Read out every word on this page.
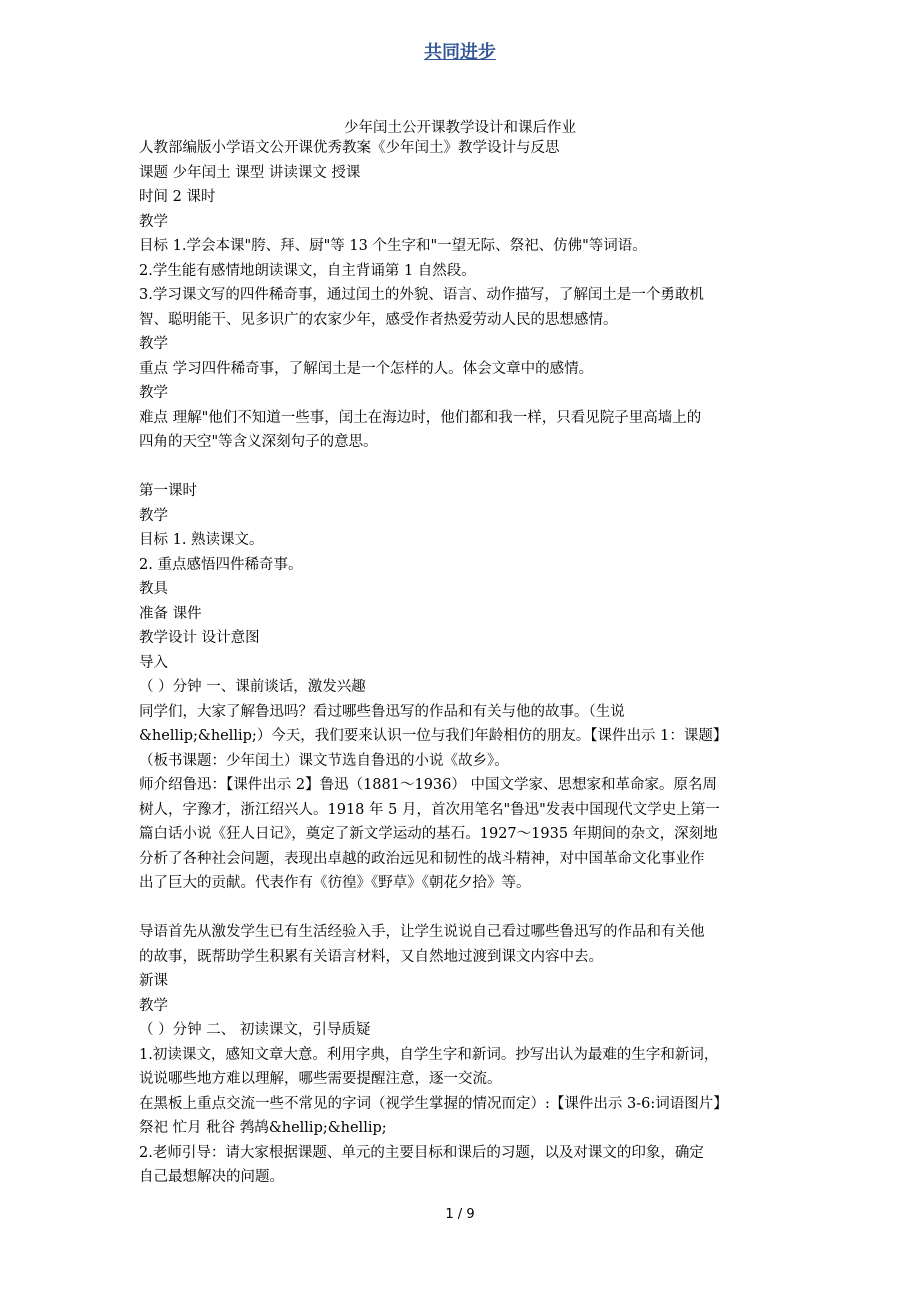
共同进步
少年闰土公开课教学设计和课后作业
人教部编版小学语文公开课优秀教案《少年闰土》教学设计与反思
课题 少年闰土 课型 讲读课文 授课
时间 2 课时
教学
目标 1.学会本课"胯、拜、厨"等 13 个生字和"一望无际、祭祀、仿佛"等词语。
2.学生能有感情地朗读课文，自主背诵第 1 自然段。
3.学习课文写的四件稀奇事，通过闰土的外貌、语言、动作描写，了解闰土是一个勇敢机
智、聪明能干、见多识广的农家少年，感受作者热爱劳动人民的思想感情。
教学
重点 学习四件稀奇事，了解闰土是一个怎样的人。体会文章中的感情。
教学
难点 理解"他们不知道一些事，闰土在海边时，他们都和我一样，只看见院子里高墙上的
四角的天空"等含义深刻句子的意思。
第一课时
教学
目标 1. 熟读课文。
2. 重点感悟四件稀奇事。
教具
准备 课件
教学设计 设计意图
导入
（ ）分钟 一、课前谈话，激发兴趣
同学们，大家了解鲁迅吗？看过哪些鲁迅写的作品和有关与他的故事。（生说
&hellip;&hellip;）今天，我们要来认识一位与我们年龄相仿的朋友。【课件出示 1：课题】
（板书课题：少年闰土）课文节选自鲁迅的小说《故乡》。
师介绍鲁迅：【课件出示 2】鲁迅（1881～1936） 中国文学家、思想家和革命家。原名周
树人，字豫才，浙江绍兴人。1918 年 5 月，首次用笔名"鲁迅"发表中国现代文学史上第一
篇白话小说《狂人日记》，奠定了新文学运动的基石。1927～1935 年期间的杂文，深刻地
分析了各种社会问题，表现出卓越的政治远见和韧性的战斗精神，对中国革命文化事业作
出了巨大的贡献。代表作有《彷徨》《野草》《朝花夕拾》等。
导语首先从激发学生已有生活经验入手，让学生说说自己看过哪些鲁迅写的作品和有关他
的故事，既帮助学生积累有关语言材料，又自然地过渡到课文内容中去。
新课
教学
（ ）分钟 二、 初读课文，引导质疑
1.初读课文，感知文章大意。利用字典，自学生字和新词。抄写出认为最难的生字和新词，
说说哪些地方难以理解，哪些需要提醒注意，逐一交流。
在黑板上重点交流一些不常见的字词（视学生掌握的情况而定）:【课件出示 3-6:词语图片】
祭祀 忙月 秕谷 鹁鸪&hellip;&hellip;
2.老师引导：请大家根据课题、单元的主要目标和课后的习题，以及对课文的印象，确定
自己最想解决的问题。
1 / 9
